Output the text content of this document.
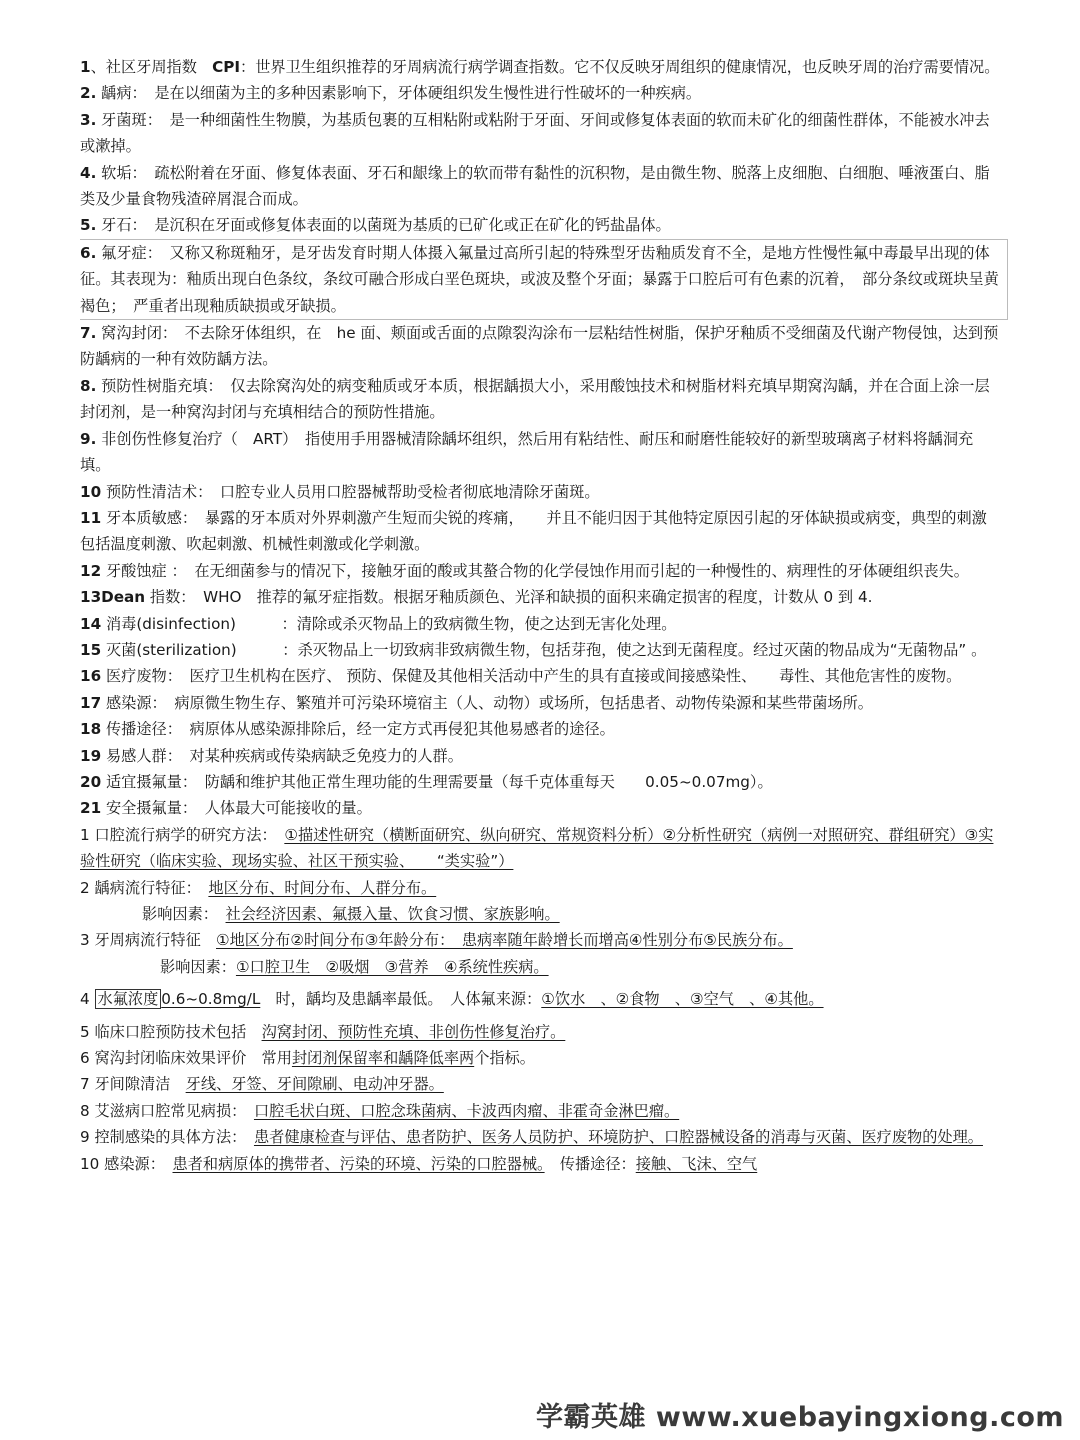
1、社区牙周指数　 CPI：世界卫生组织推荐的牙周病流行病学调查指数。它不仅反映牙周组织的健康情况，也反映牙周的治疗需要情况。

2. 龋病：　 是在以细菌为主的多种因素影响下，牙体硬组织发生慢性进行性破坏的一种疾病。

3. 牙菌斑：　 是一种细菌性生物膜，为基质包裹的互相粘附或粘附于牙面、牙间或修复体表面的软而未矿化的细菌性群体，不能被水冲去或漱掉。

4. 软垢：　 疏松附着在牙面、修复体表面、牙石和龈缘上的软而带有黏性的沉积物，是由微生物、脱落上皮细胞、白细胞、唾液蛋白、脂类及少量食物残渣碎屑混合而成。

5. 牙石：　 是沉积在牙面或修复体表面的以菌斑为基质的已矿化或正在矿化的钙盐晶体。

6. 氟牙症：　 又称又称斑釉牙，是牙齿发育时期人体摄入氟量过高所引起的特殊型牙齿釉质发育不全，是地方性慢性氟中毒最早出现的体征。其表现为：釉质出现白色条纹，条纹可融合形成白垩色斑块，或波及整个牙面；暴露于口腔后可有色素的沉着，　部分条纹或斑块呈黄褐色；　严重者出现釉质缺损或牙缺损。

7. 窝沟封闭：　 不去除牙体组织，在　he 面、颊面或舌面的点隙裂沟涂布一层粘结性树脂，保护牙釉质不受细菌及代谢产物侵蚀，达到预防龋病的一种有效防龋方法。

8. 预防性树脂充填：　 仅去除窝沟处的病变釉质或牙本质，根据龋损大小，采用酸蚀技术和树脂材料充填早期窝沟龋，并在合面上涂一层封闭剂，是一种窝沟封闭与充填相结合的预防性措施。

9. 非创伤性修复治疗（　ART）　 指使用手用器械清除龋坏组织，然后用有粘结性、耐压和耐磨性能较好的新型玻璃离子材料将龋洞充填。

10 预防性清洁术：　 口腔专业人员用口腔器械帮助受检者彻底地清除牙菌斑。

11 牙本质敏感：　 暴露的牙本质对外界刺激产生短而尖锐的疼痛，　　并且不能归因于其他特定原因引起的牙体缺损或病变，典型的刺激包括温度刺激、吹起刺激、机械性刺激或化学刺激。

12 牙酸蚀症 ：　 在无细菌参与的情况下，接触牙面的酸或其螯合物的化学侵蚀作用而引起的一种慢性的、病理性的牙体硬组织丧失。

13Dean 指数：　 WHO　推荐的氟牙症指数。根据牙釉质颜色、光泽和缺损的面积来确定损害的程度，计数从 0 到 4.

14 消毒(disinfection)　　　：清除或杀灭物品上的致病微生物，使之达到无害化处理。

15 灭菌(sterilization)　　　：杀灭物品上一切致病非致病微生物，包括芽孢，使之达到无菌程度。经过灭菌的物品成为“无菌物品” 。

16 医疗废物：　 医疗卫生机构在医疗、 预防、保健及其他相关活动中产生的具有直接或间接感染性、　　毒性、其他危害性的废物。

17 感染源：　 病原微生物生存、繁殖并可污染环境宿主（人、动物）或场所，包括患者、动物传染源和某些带菌场所。

18 传播途径：　 病原体从感染源排除后，经一定方式再侵犯其他易感者的途径。

19 易感人群：　 对某种疾病或传染病缺乏免疫力的人群。

20 适宜摄氟量：　 防龋和维护其他正常生理功能的生理需要量（每千克体重每天　　0.05~0.07mg）。

21 安全摄氟量：　 人体最大可能接收的量。

1 口腔流行病学的研究方法：　 ①描述性研究（横断面研究、纵向研究、常规资料分析）②分析性研究（病例一对照研究、群组研究）③实验性研究（临床实验、现场实验、社区干预实验、　　“类实验”）

2 龋病流行特征：　 地区分布、时间分布、人群分布。

影响因素：　 社会经济因素、氟摄入量、饮食习惯、家族影响。

3 牙周病流行特征　 ①地区分布②时间分布③年龄分布：　患病率随年龄增长而增高④性别分布⑤民族分布。

影响因素：①口腔卫生　②吸烟　③营养　④系统性疾病。

4 水氟浓度 0.6~0.8mg/L　时，龋均及患龋率最低。　人体氟来源：①饮水　、②食物　、③空气　、④其他。

5 临床口腔预防技术包括　 沟窝封闭、预防性充填、非创伤性修复治疗。

6 窝沟封闭临床效果评价　常用封闭剂保留率和龋降低率两个指标。

7 牙间隙清洁　 牙线、牙签、牙间隙刷、电动冲牙器。

8 艾滋病口腔常见病损：　 口腔毛状白斑、口腔念珠菌病、卡波西肉瘤、非霍奇金淋巴瘤。

9 控制感染的具体方法：　 患者健康检查与评估、患者防护、医务人员防护、环境防护、口腔器械设备的消毒与灭菌、医疗废物的处理。

10 感染源：　 患者和病原体的携带者、污染的环境、污染的口腔器械。　传播途径：接触、飞沫、空气

学霸英雄 www.xuebayingxiong.com
